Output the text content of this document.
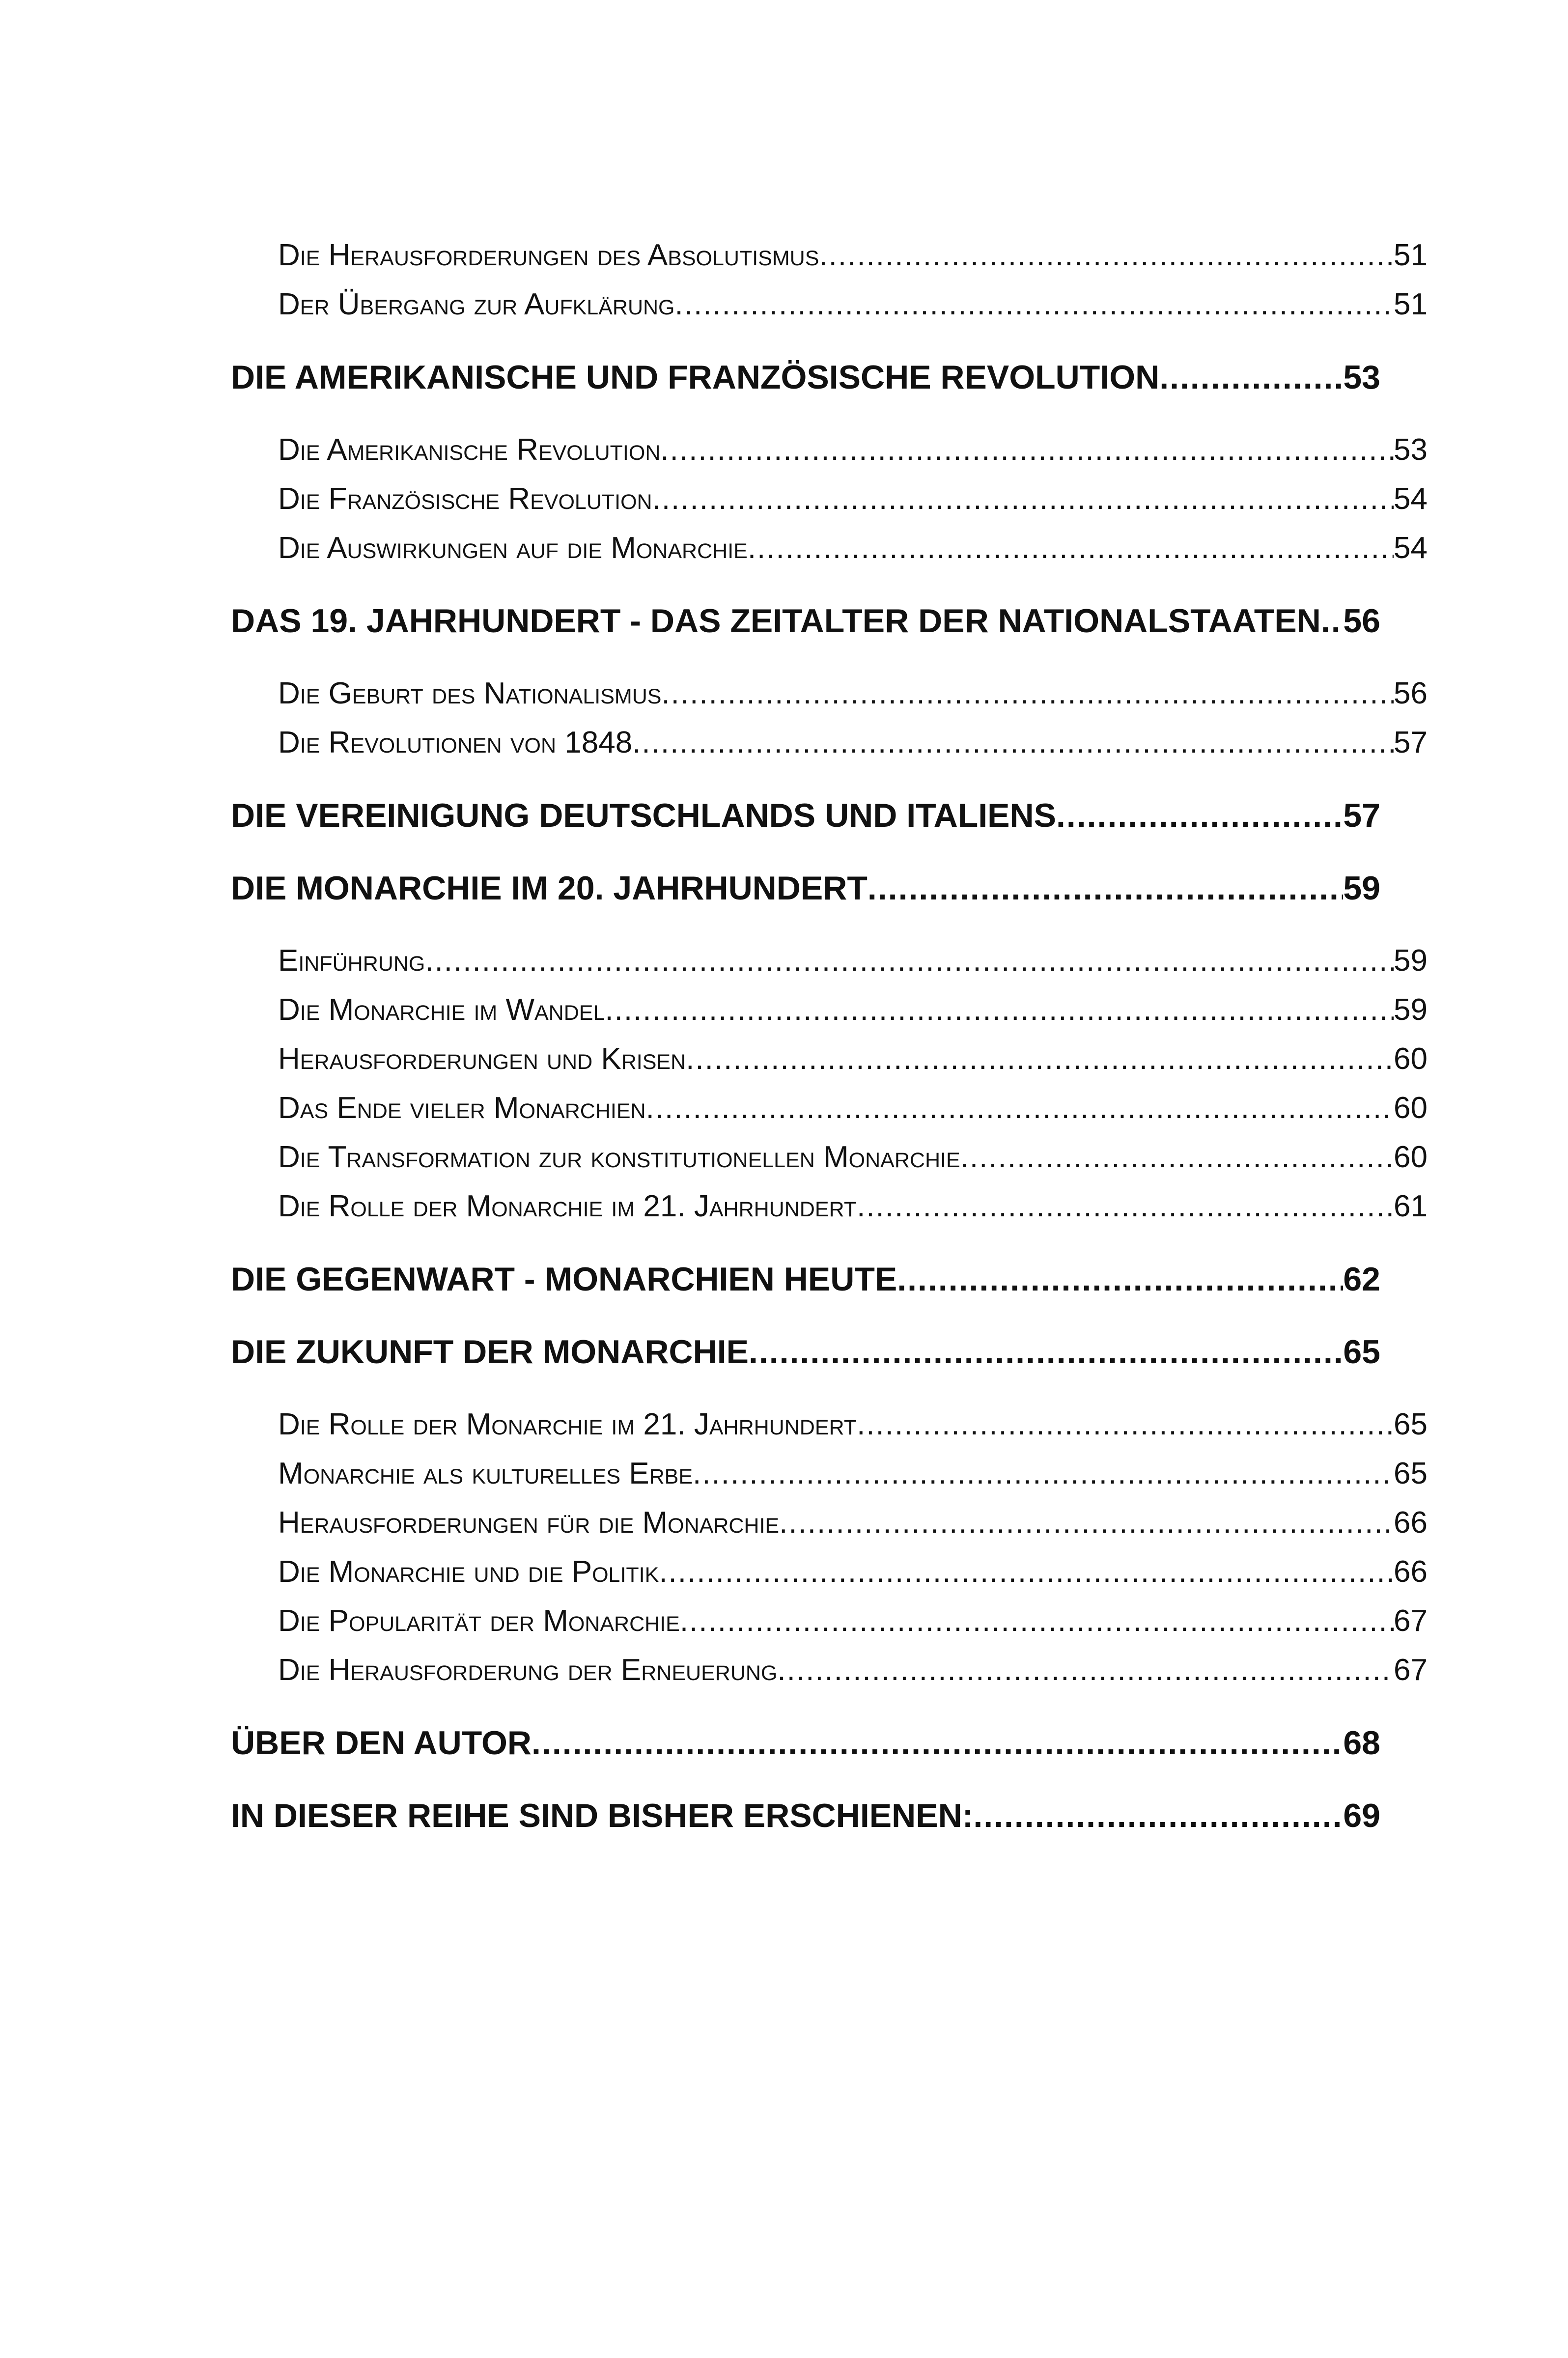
Die Herausforderungen des Absolutismus .....	51
Der Übergang zur Aufklärung .....	51
DIE AMERIKANISCHE UND FRANZÖSISCHE REVOLUTION .....	53
Die Amerikanische Revolution .....	53
Die Französische Revolution .....	54
Die Auswirkungen auf die Monarchie .....	54
DAS 19. JAHRHUNDERT - DAS ZEITALTER DER NATIONALSTAATEN ..... 56
Die Geburt des Nationalismus .....	56
Die Revolutionen von 1848 .....	57
DIE VEREINIGUNG DEUTSCHLANDS UND ITALIENS .....	57
DIE MONARCHIE IM 20. JAHRHUNDERT .....	59
Einführung .....	59
Die Monarchie im Wandel .....	59
Herausforderungen und Krisen .....	60
Das Ende vieler Monarchien .....	60
Die Transformation zur konstitutionellen Monarchie .....	60
Die Rolle der Monarchie im 21. Jahrhundert .....	61
DIE GEGENWART - MONARCHIEN HEUTE .....	62
DIE ZUKUNFT DER MONARCHIE .....	65
Die Rolle der Monarchie im 21. Jahrhundert .....	65
Monarchie als kulturelles Erbe .....	65
Herausforderungen für die Monarchie .....	66
Die Monarchie und die Politik .....	66
Die Popularität der Monarchie .....	67
Die Herausforderung der Erneuerung .....	67
ÜBER DEN AUTOR .....	68
IN DIESER REIHE SIND BISHER ERSCHIENEN: .....	69
